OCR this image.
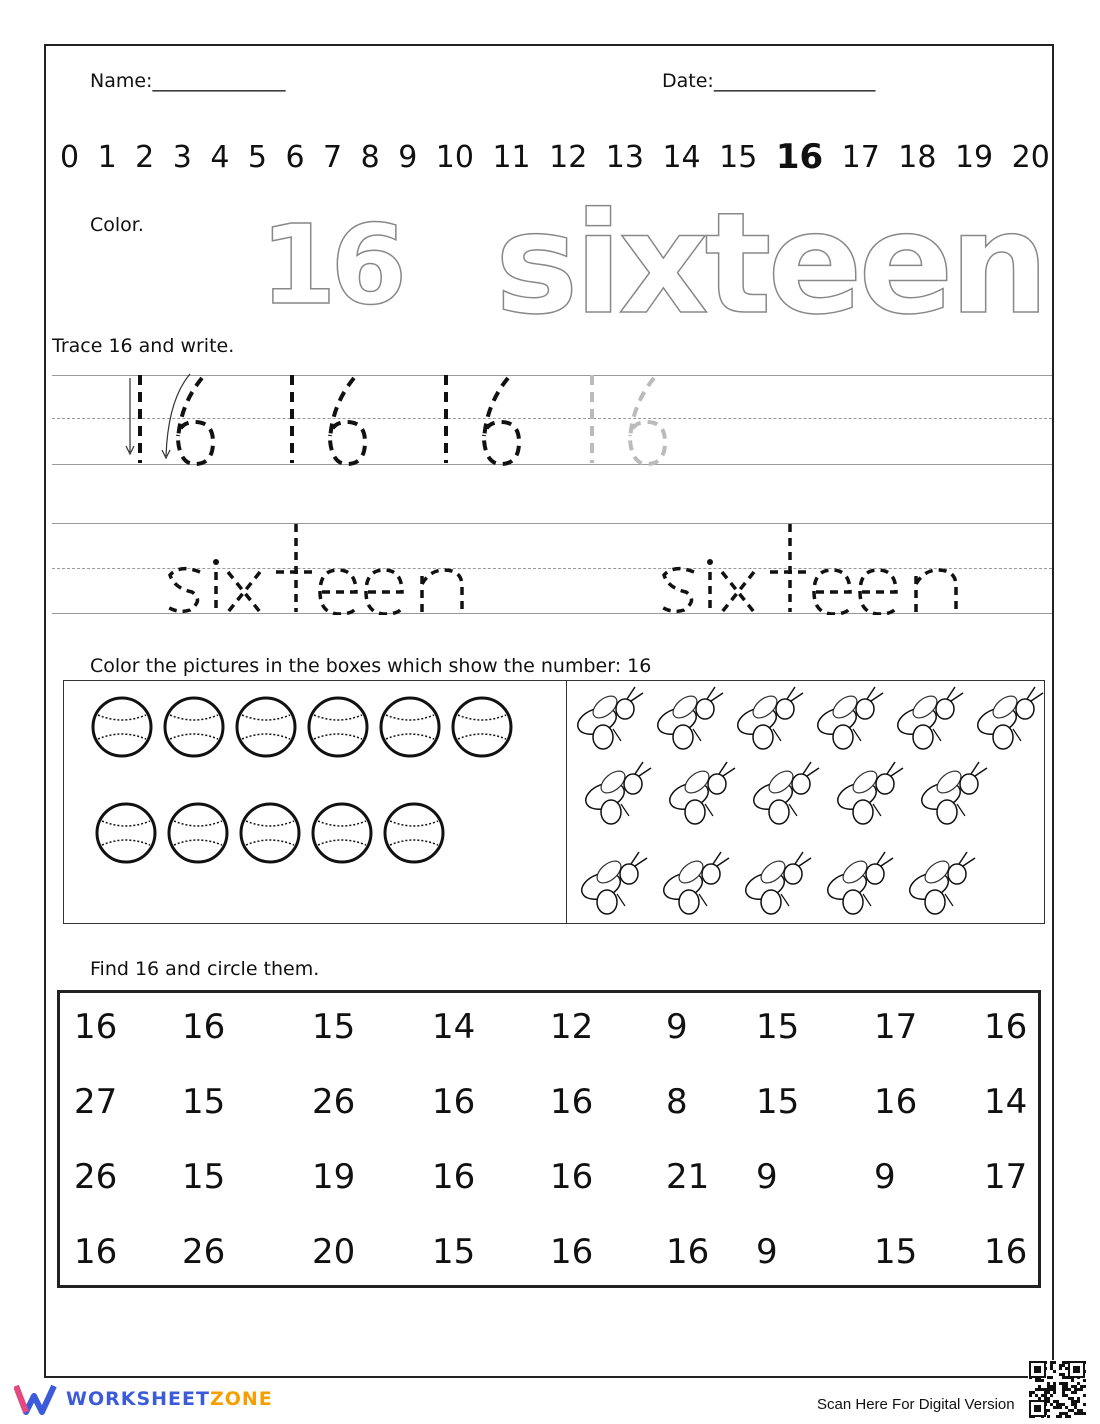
Name:______________	Date:_________________
0 1 2 3 4 5 6 7 8 9 10 11 12 13 14 15 16 17 18 19 20
Color. 16 sixteen
Trace 16 and write.
Color the pictures in the boxes which show the number: 16
Find 16 and circle them.
16 16	15 14 12 9 15 17 16
27 15	26 16 16 8 15 16 14
26 15	19 16 16 21 9	9	17
16 26	20 15 16 16 9	15 16
WORKSHEETZONE	Scan Here For Digital Version
